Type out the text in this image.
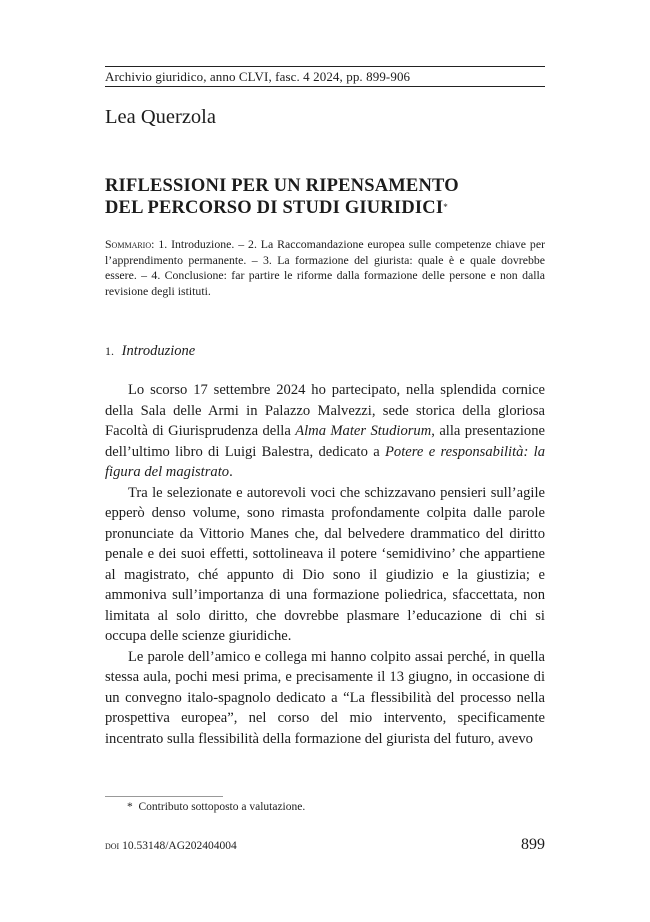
Archivio giuridico, anno CLVI, fasc. 4 2024, pp. 899-906
Lea Querzola
RIFLESSIONI PER UN RIPENSAMENTO
DEL PERCORSO DI STUDI GIURIDICI*
Sommario: 1. Introduzione. – 2. La Raccomandazione europea sulle competenze chiave per l’apprendimento permanente. – 3. La formazione del giurista: quale è e quale dovrebbe essere. – 4. Conclusione: far partire le riforme dalla formazione delle persone e non dalla revisione degli istituti.
1. Introduzione

Lo scorso 17 settembre 2024 ho partecipato, nella splendida cornice della Sala delle Armi in Palazzo Malvezzi, sede storica della gloriosa Facoltà di Giurisprudenza della Alma Mater Studiorum, alla presentazione dell’ultimo libro di Luigi Balestra, dedicato a Potere e responsabilità: la figura del magistrato.

Tra le selezionate e autorevoli voci che schizzavano pensieri sull’agile epperò denso volume, sono rimasta profondamente colpita dalle parole pronunciate da Vittorio Manes che, dal belvedere drammatico del diritto penale e dei suoi effetti, sottolineava il potere ‘semidivino’ che appartiene al magistrato, ché appunto di Dio sono il giudizio e la giustizia; e ammoniva sull’importanza di una formazione poliedrica, sfaccettata, non limitata al solo diritto, che dovrebbe plasmare l’educazione di chi si occupa delle scienze giuridiche.

Le parole dell’amico e collega mi hanno colpito assai perché, in quella stessa aula, pochi mesi prima, e precisamente il 13 giugno, in occasione di un convegno italo-spagnolo dedicato a “La flessibilità del processo nella prospettiva europea”, nel corso del mio intervento, specificamente incentrato sulla flessibilità della formazione del giurista del futuro, avevo

* Contributo sottoposto a valutazione.
doi 10.53148/AG202404004	899
